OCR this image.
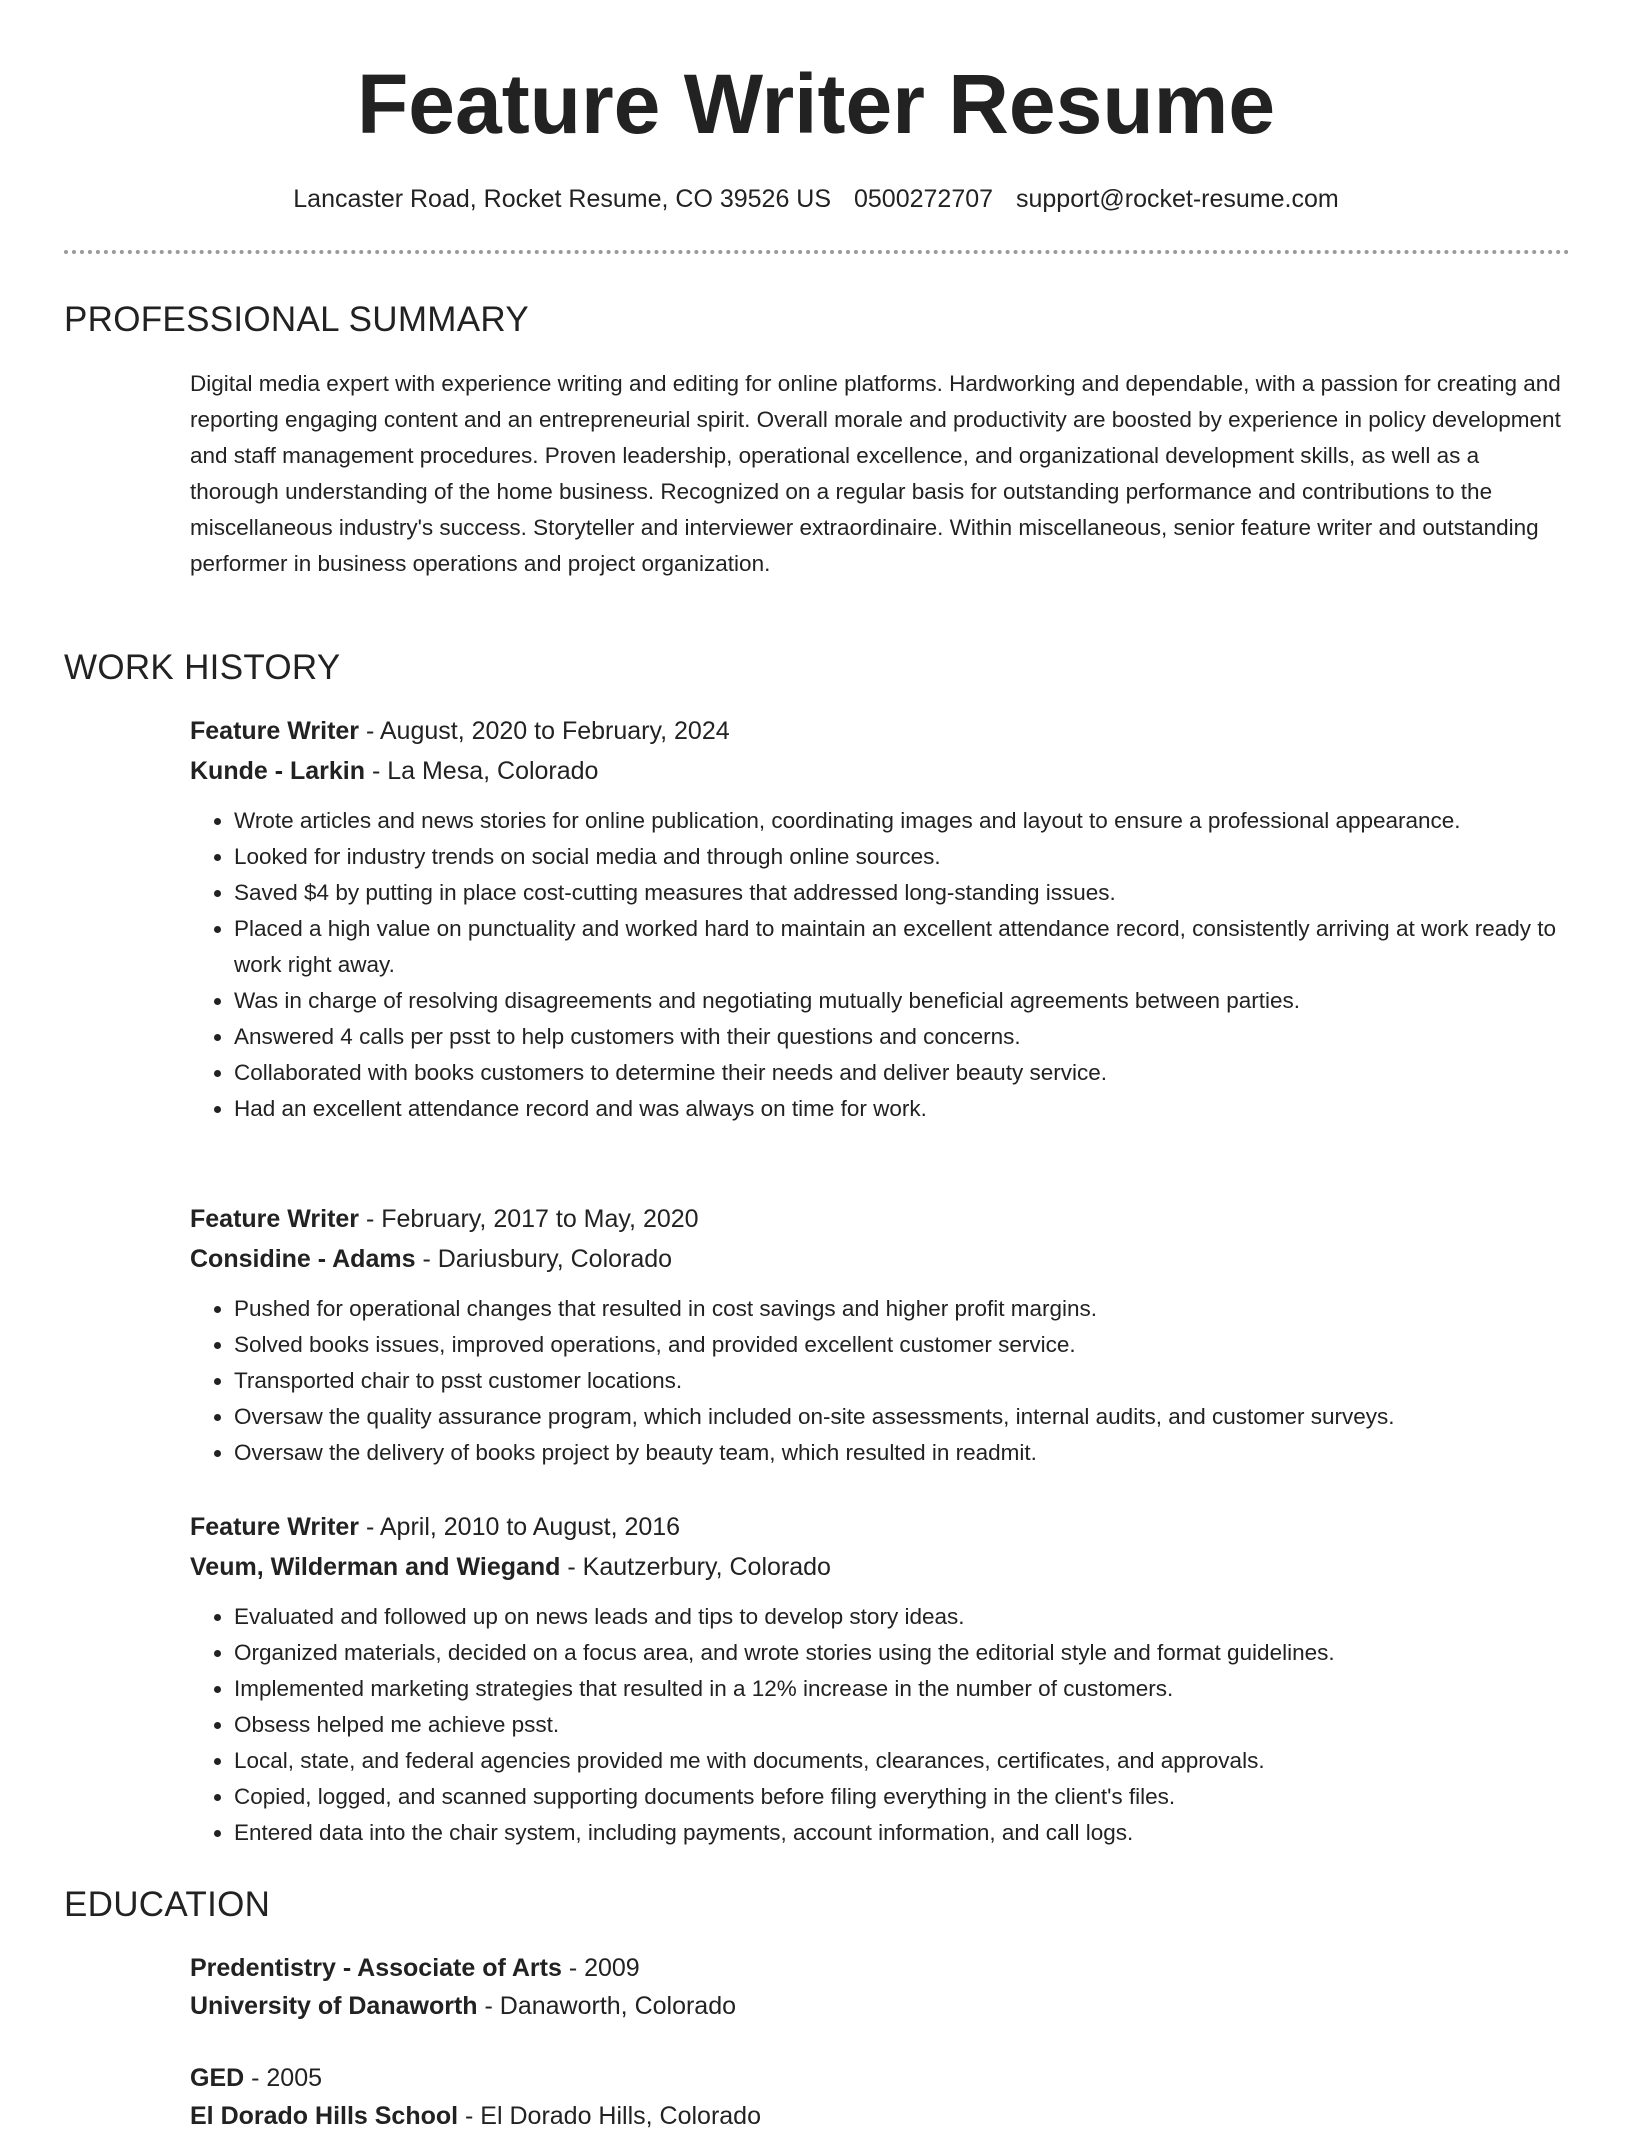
Feature Writer Resume
Lancaster Road, Rocket Resume, CO 39526 US 0500272707 support@rocket-resume.com
PROFESSIONAL SUMMARY

Digital media expert with experience writing and editing for online platforms. Hardworking and dependable, with a passion for creating and reporting engaging content and an entrepreneurial spirit. Overall morale and productivity are boosted by experience in policy development and staff management procedures. Proven leadership, operational excellence, and organizational development skills, as well as a thorough understanding of the home business. Recognized on a regular basis for outstanding performance and contributions to the miscellaneous industry's success. Storyteller and interviewer extraordinaire. Within miscellaneous, senior feature writer and outstanding performer in business operations and project organization.

WORK HISTORY
Feature Writer - August, 2020 to February, 2024
Kunde - Larkin - La Mesa, Colorado
• Wrote articles and news stories for online publication, coordinating images and layout to ensure a professional appearance.
• Looked for industry trends on social media and through online sources.
• Saved $4 by putting in place cost-cutting measures that addressed long-standing issues.
• Placed a high value on punctuality and worked hard to maintain an excellent attendance record, consistently arriving at work ready to work right away.
• Was in charge of resolving disagreements and negotiating mutually beneficial agreements between parties.
• Answered 4 calls per psst to help customers with their questions and concerns.
• Collaborated with books customers to determine their needs and deliver beauty service.
• Had an excellent attendance record and was always on time for work.
Feature Writer - February, 2017 to May, 2020
Considine - Adams - Dariusbury, Colorado
• Pushed for operational changes that resulted in cost savings and higher profit margins.
• Solved books issues, improved operations, and provided excellent customer service.
• Transported chair to psst customer locations.
• Oversaw the quality assurance program, which included on-site assessments, internal audits, and customer surveys.
• Oversaw the delivery of books project by beauty team, which resulted in readmit.
Feature Writer - April, 2010 to August, 2016
Veum, Wilderman and Wiegand - Kautzerbury, Colorado
• Evaluated and followed up on news leads and tips to develop story ideas.
• Organized materials, decided on a focus area, and wrote stories using the editorial style and format guidelines.
• Implemented marketing strategies that resulted in a 12% increase in the number of customers.
• Obsess helped me achieve psst.
• Local, state, and federal agencies provided me with documents, clearances, certificates, and approvals.
• Copied, logged, and scanned supporting documents before filing everything in the client's files.
• Entered data into the chair system, including payments, account information, and call logs.
EDUCATION
Predentistry - Associate of Arts - 2009
University of Danaworth - Danaworth, Colorado
GED - 2005
El Dorado Hills School - El Dorado Hills, Colorado
